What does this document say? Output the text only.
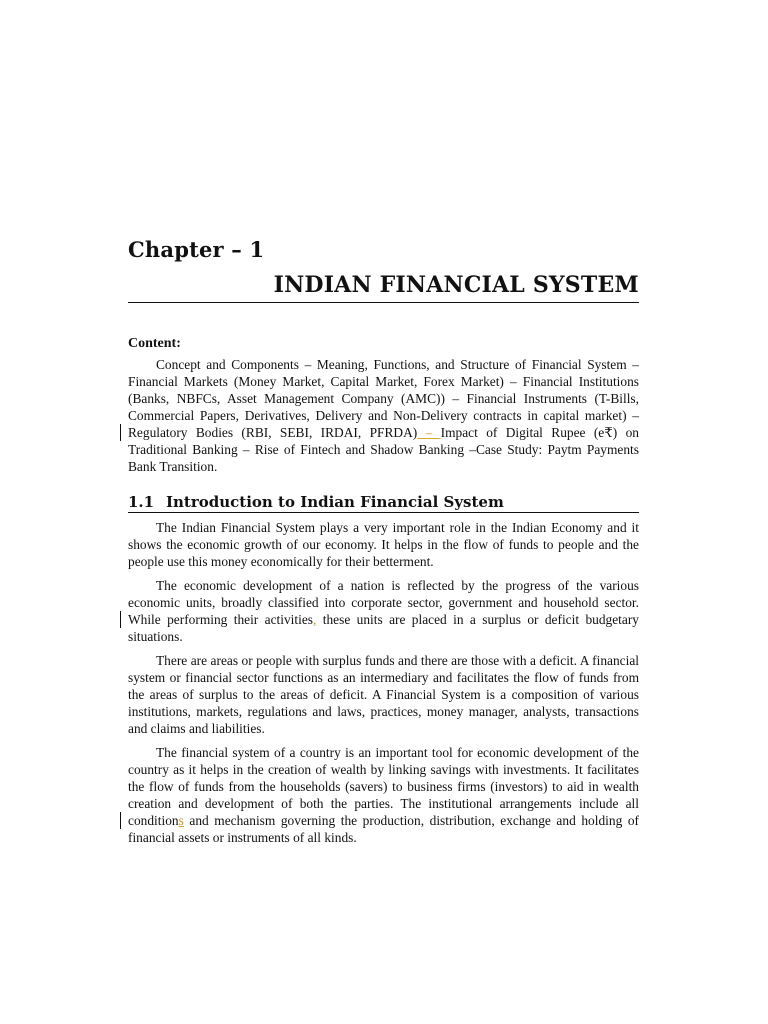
Chapter – 1
INDIAN FINANCIAL SYSTEM
Content:

Concept and Components – Meaning, Functions, and Structure of Financial System – Financial Markets (Money Market, Capital Market, Forex Market) – Financial Institutions (Banks, NBFCs, Asset Management Company (AMC)) – Financial Instruments (T-Bills, Commercial Papers, Derivatives, Delivery and Non-Delivery contracts in capital market) – Regulatory Bodies (RBI, SEBI, IRDAI, PFRDA) – Impact of Digital Rupee (e₹) on Traditional Banking – Rise of Fintech and Shadow Banking –Case Study: Paytm Payments Bank Transition.

1.1 Introduction to Indian Financial System

The Indian Financial System plays a very important role in the Indian Economy and it shows the economic growth of our economy. It helps in the flow of funds to people and the people use this money economically for their betterment.

The economic development of a nation is reflected by the progress of the various economic units, broadly classified into corporate sector, government and household sector. While performing their activities, these units are placed in a surplus or deficit budgetary situations.

There are areas or people with surplus funds and there are those with a deficit. A financial system or financial sector functions as an intermediary and facilitates the flow of funds from the areas of surplus to the areas of deficit. A Financial System is a composition of various institutions, markets, regulations and laws, practices, money manager, analysts, transactions and claims and liabilities.

The financial system of a country is an important tool for economic development of the country as it helps in the creation of wealth by linking savings with investments. It facilitates the flow of funds from the households (savers) to business firms (investors) to aid in wealth creation and development of both the parties. The institutional arrangements include all conditions and mechanism governing the production, distribution, exchange and holding of financial assets or instruments of all kinds.
